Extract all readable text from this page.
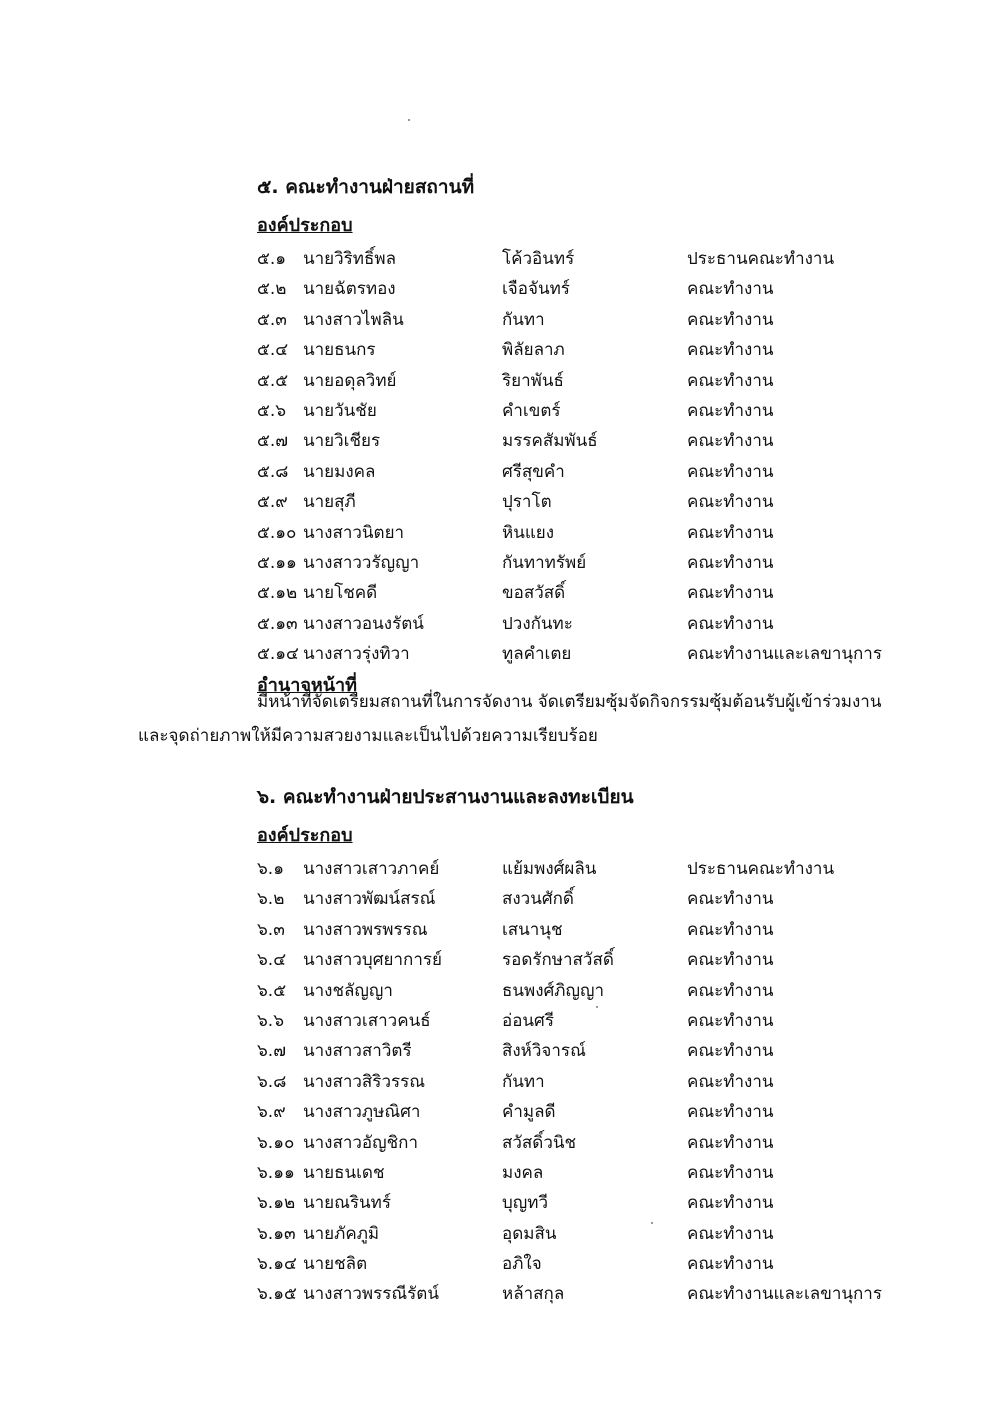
๕. คณะทำงานฝ่ายสถานที่
องค์ประกอบ
๕.๑ นายวิริทธิ์พล	โค้วอินทร์	ประธานคณะทำงาน
๕.๒ นายฉัตรทอง	เจือจันทร์	คณะทำงาน
๕.๓ นางสาวไพลิน	กันทา	คณะทำงาน
๕.๔ นายธนกร	พิลัยลาภ	คณะทำงาน
๕.๕ นายอดุลวิทย์	ริยาพันธ์	คณะทำงาน
๕.๖ นายวันชัย	คำเขตร์	คณะทำงาน
๕.๗ นายวิเชียร	มรรคสัมพันธ์	คณะทำงาน
๕.๘ นายมงคล	ศรีสุขคำ	คณะทำงาน
๕.๙ นายสุภี	ปุราโต	คณะทำงาน
๕.๑๐ นางสาวนิตยา	หินแยง	คณะทำงาน
๕.๑๑ นางสาววรัญญา	กันทาทรัพย์	คณะทำงาน
๕.๑๒ นายโชคดี	ขอสวัสดิ์	คณะทำงาน
๕.๑๓ นางสาวอนงรัตน์	ปวงกันทะ	คณะทำงาน
๕.๑๔ นางสาวรุ่งทิวา	ทูลคำเตย	คณะทำงานและเลขานุการ
อำนาจหน้าที่
มีหน้าที่จัดเตรียมสถานที่ในการจัดงาน จัดเตรียมซุ้มจัดกิจกรรมซุ้มต้อนรับผู้เข้าร่วมงาน
และจุดถ่ายภาพให้มีความสวยงามและเป็นไปด้วยความเรียบร้อย
๖. คณะทำงานฝ่ายประสานงานและลงทะเบียน
องค์ประกอบ
๖.๑ นางสาวเสาวภาคย์	แย้มพงศ์ผลิน	ประธานคณะทำงาน
๖.๒ นางสาวพัฒน์สรณ์	สงวนศักดิ์	คณะทำงาน
๖.๓ นางสาวพรพรรณ	เสนานุช	คณะทำงาน
๖.๔ นางสาวบุศยาการย์	รอดรักษาสวัสดิ์	คณะทำงาน
๖.๕ นางชลัญญา	ธนพงศ์ภิญญา	คณะทำงาน
๖.๖ นางสาวเสาวคนธ์	อ่อนศรี	คณะทำงาน
๖.๗ นางสาวสาวิตรี	สิงห์วิจารณ์	คณะทำงาน
๖.๘ นางสาวสิริวรรณ	กันทา	คณะทำงาน
๖.๙ นางสาวภูษณิศา	คำมูลดี	คณะทำงาน
๖.๑๐ นางสาวอัญชิกา	สวัสดิ์วนิช	คณะทำงาน
๖.๑๑ นายธนเดช	มงคล	คณะทำงาน
๖.๑๒ นายณรินทร์	บุญทวี	คณะทำงาน
๖.๑๓ นายภัคภูมิ	อุดมสิน	คณะทำงาน
๖.๑๔ นายชลิต	อภิใจ	คณะทำงาน
๖.๑๕ นางสาวพรรณีรัตน์	หล้าสกุล	คณะทำงานและเลขานุการ
